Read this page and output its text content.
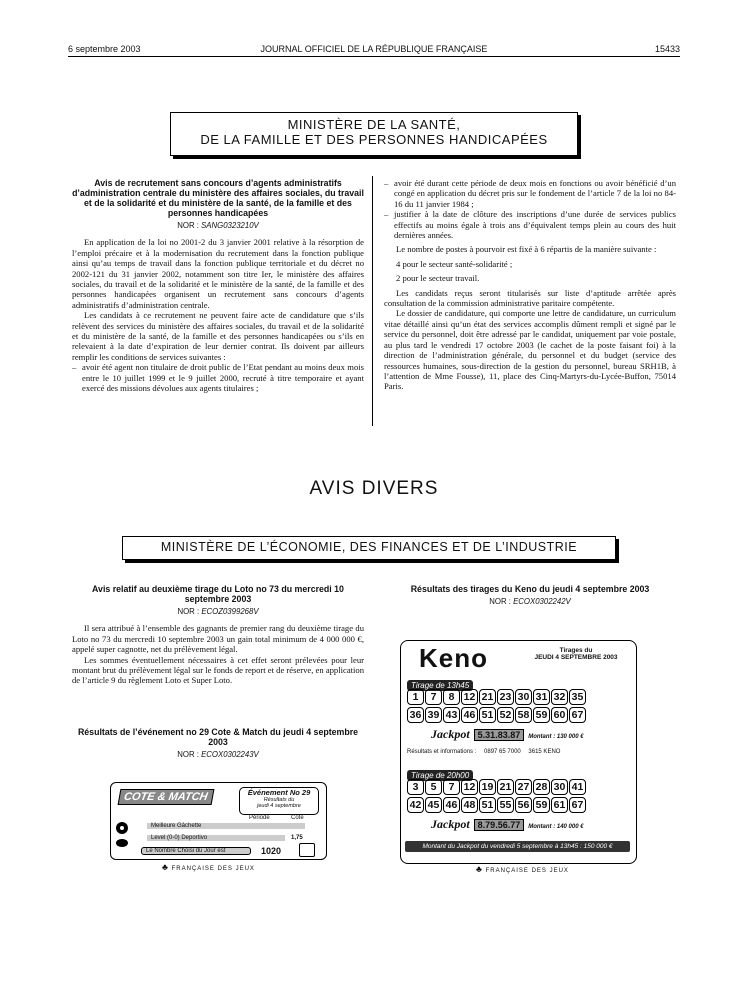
6 septembre 2003	JOURNAL OFFICIEL DE LA RÉPUBLIQUE FRANÇAISE	15433
MINISTÈRE DE LA SANTÉ,
DE LA FAMILLE ET DES PERSONNES HANDICAPÉES
Avis de recrutement sans concours d’agents administratifs d’administration centrale du ministère des affaires sociales, du travail et de la solidarité et du ministère de la santé, de la famille et des personnes handicapées
NOR : SANG0323210V

En application de la loi no 2001-2 du 3 janvier 2001 relative à la résorption de l’emploi précaire et à la modernisation du recrutement dans la fonction publique ainsi qu’au temps de travail dans la fonction publique territoriale et du décret no 2002-121 du 31 janvier 2002, notamment son titre Ier, le ministère des affaires sociales, du travail et de la solidarité et le ministère de la santé, de la famille et des personnes handicapées organisent un recrutement sans concours d’agents administratifs d’administration centrale.

Les candidats à ce recrutement ne peuvent faire acte de candidature que s’ils relèvent des services du ministère des affaires sociales, du travail et de la solidarité et du ministère de la santé, de la famille et des personnes handicapées ou s’ils en relevaient à la date d’expiration de leur dernier contrat. Ils doivent par ailleurs remplir les conditions de services suivantes :

– avoir été agent non titulaire de droit public de l’Etat pendant au moins deux mois entre le 10 juillet 1999 et le 9 juillet 2000, recruté à titre temporaire et ayant exercé des missions dévolues aux agents titulaires ;

– avoir été durant cette période de deux mois en fonctions ou avoir bénéficié d’un congé en application du décret pris sur le fondement de l’article 7 de la loi no 84-16 du 11 janvier 1984 ;

– justifier à la date de clôture des inscriptions d’une durée de services publics effectifs au moins égale à trois ans d’équivalent temps plein au cours des huit dernières années.

Le nombre de postes à pourvoir est fixé à 6 répartis de la manière suivante :

4 pour le secteur santé-solidarité ;

2 pour le secteur travail.

Les candidats reçus seront titularisés sur liste d’aptitude arrêtée après consultation de la commission administrative paritaire compétente.

Le dossier de candidature, qui comporte une lettre de candidature, un curriculum vitae détaillé ainsi qu’un état des services accomplis dûment rempli et signé par le service du personnel, doit être adressé par le candidat, uniquement par voie postale, au plus tard le vendredi 17 octobre 2003 (le cachet de la poste faisant foi) à la direction de l’administration générale, du personnel et du budget (service des ressources humaines, sous-direction de la gestion du personnel, bureau SRH1B, à l’attention de Mme Fousse), 11, place des Cinq-Martyrs-du-Lycée-Buffon, 75014 Paris.

AVIS DIVERS
MINISTÈRE DE L’ÉCONOMIE, DES FINANCES ET DE L’INDUSTRIE
Avis relatif au deuxième tirage du Loto no 73 du mercredi 10 septembre 2003
NOR : ECOZ0399268V

Il sera attribué à l’ensemble des gagnants de premier rang du deuxième tirage du Loto no 73 du mercredi 10 septembre 2003 un gain total minimum de 4 000 000 €, appelé super cagnotte, net du prélèvement légal.

Les sommes éventuellement nécessaires à cet effet seront prélevées pour leur montant brut du prélèvement légal sur le fonds de report et de réserve, en application de l’article 9 du règlement Loto et Super Loto.

Résultats de l’événement no 29 Cote & Match du jeudi 4 septembre 2003
NOR : ECOX0302243V
COTE & MATCH	Événement No 29
Résultats du
jeudi 4 septembre
Période	Cote
Meilleure Gâchette
Level (0-0) Deportivo	1,75
Le Nombre Choisi du Jour est	1020
♣ FRANÇAISE DES JEUX
Résultats des tirages du Keno du jeudi 4 septembre 2003
NOR : ECOX0302242V
Keno	Tirages du
JEUDI 4 SEPTEMBRE 2003
Tirage de 13h45
1 7 8 12 21 23 30 31 32 35
36 39 43 46 51 52 58 59 60 67
Jackpot 5.31.83.87 Montant : 130 000 €
Résultats et informations : 0897 65 7000 3615 KENO
Tirage de 20h00
3 5 7 12 19 21 27 28 30 41
42 45 46 48 51 55 56 59 61 67
Jackpot 8.79.56.77 Montant : 140 000 €
Montant du Jackpot du vendredi 5 septembre à 13h45 : 150 000 €
♣ FRANÇAISE DES JEUX
